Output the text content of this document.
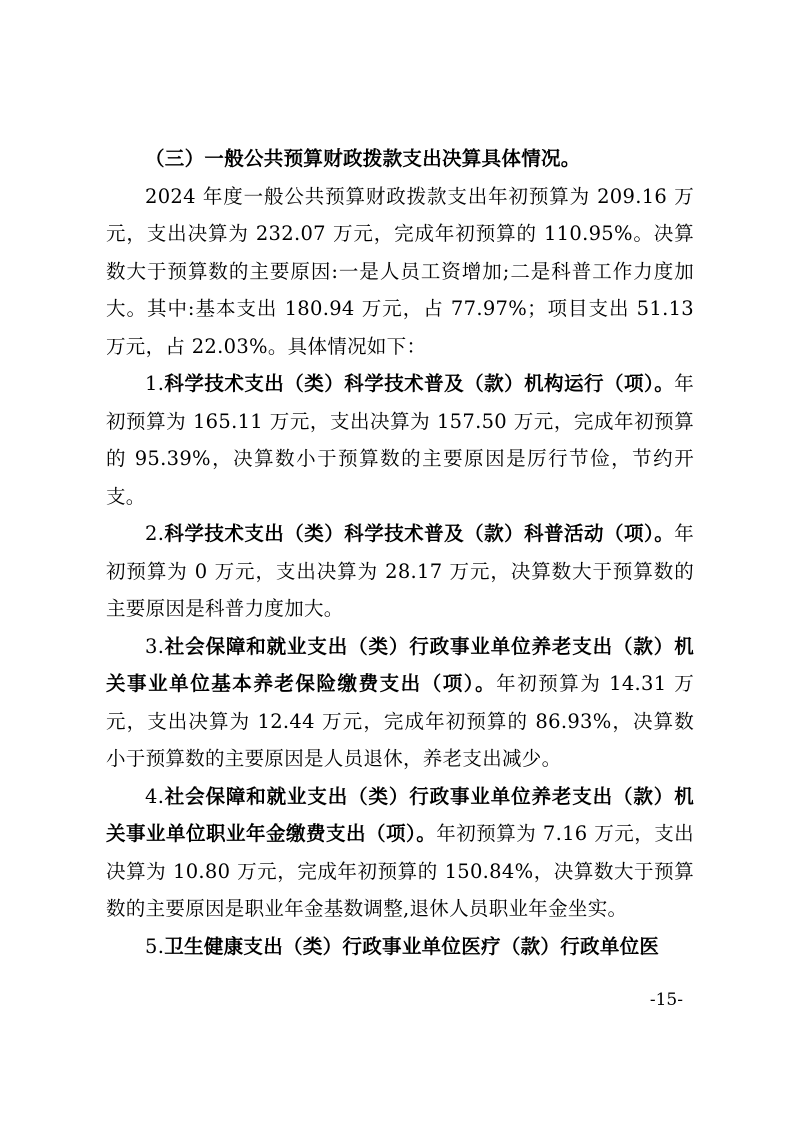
（三）一般公共预算财政拨款支出决算具体情况。

2024 年度一般公共预算财政拨款支出年初预算为 209.16 万元，支出决算为 232.07 万元，完成年初预算的 110.95%。决算数大于预算数的主要原因:一是人员工资增加;二是科普工作力度加大。其中:基本支出 180.94 万元，占 77.97%；项目支出 51.13 万元，占 22.03%。具体情况如下：

1.科学技术支出（类）科学技术普及（款）机构运行（项）。年初预算为 165.11 万元，支出决算为 157.50 万元，完成年初预算的 95.39%，决算数小于预算数的主要原因是厉行节俭，节约开支。

2.科学技术支出（类）科学技术普及（款）科普活动（项）。年初预算为 0 万元，支出决算为 28.17 万元，决算数大于预算数的主要原因是科普力度加大。

3.社会保障和就业支出（类）行政事业单位养老支出（款）机关事业单位基本养老保险缴费支出（项）。年初预算为 14.31 万元，支出决算为 12.44 万元，完成年初预算的 86.93%，决算数小于预算数的主要原因是人员退休，养老支出减少。

4.社会保障和就业支出（类）行政事业单位养老支出（款）机关事业单位职业年金缴费支出（项）。年初预算为 7.16 万元，支出决算为 10.80 万元，完成年初预算的 150.84%，决算数大于预算数的主要原因是职业年金基数调整,退休人员职业年金坐实。

5.卫生健康支出（类）行政事业单位医疗（款）行政单位医

-15-
